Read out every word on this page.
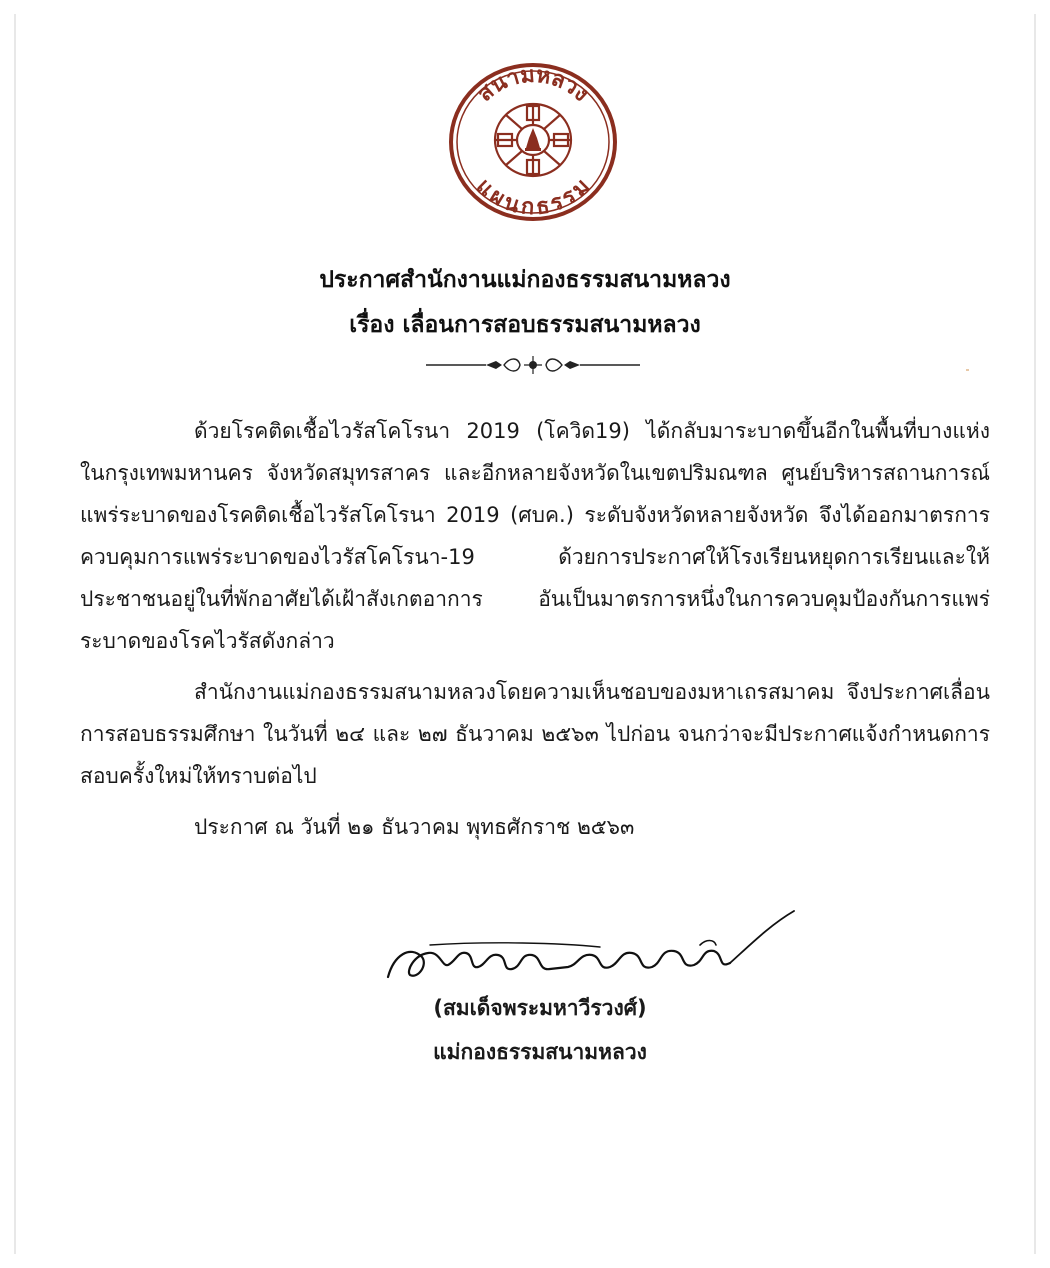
สนามหลวง
แผนกธรรม
ประกาศสำนักงานแม่กองธรรมสนามหลวง
เรื่อง เลื่อนการสอบธรรมสนามหลวง

ด้วยโรคติดเชื้อไวรัสโคโรนา 2019 (โควิด19) ได้กลับมาระบาดขึ้นอีกในพื้นที่บางแห่ง ในกรุงเทพมหานคร จังหวัดสมุทรสาคร และอีกหลายจังหวัดในเขตปริมณฑล ศูนย์บริหารสถานการณ์แพร่ระบาดของโรคติดเชื้อไวรัสโคโรนา 2019 (ศบค.) ระดับจังหวัดหลายจังหวัด จึงได้ออกมาตรการควบคุมการแพร่ระบาดของไวรัสโคโรนา-19 ด้วยการประกาศให้โรงเรียนหยุดการเรียนและให้ประชาชนอยู่ในที่พักอาศัยได้เฝ้าสังเกตอาการ อันเป็นมาตรการหนึ่งในการควบคุมป้องกันการแพร่ระบาดของโรคไวรัสดังกล่าว

สำนักงานแม่กองธรรมสนามหลวงโดยความเห็นชอบของมหาเถรสมาคม จึงประกาศเลื่อนการสอบธรรมศึกษา ในวันที่ ๒๔ และ ๒๗ ธันวาคม ๒๕๖๓ ไปก่อน จนกว่าจะมีประกาศแจ้งกำหนดการสอบครั้งใหม่ให้ทราบต่อไป

ประกาศ ณ วันที่ ๒๑ ธันวาคม พุทธศักราช ๒๕๖๓
(สมเด็จพระมหาวีรวงศ์)
แม่กองธรรมสนามหลวง
